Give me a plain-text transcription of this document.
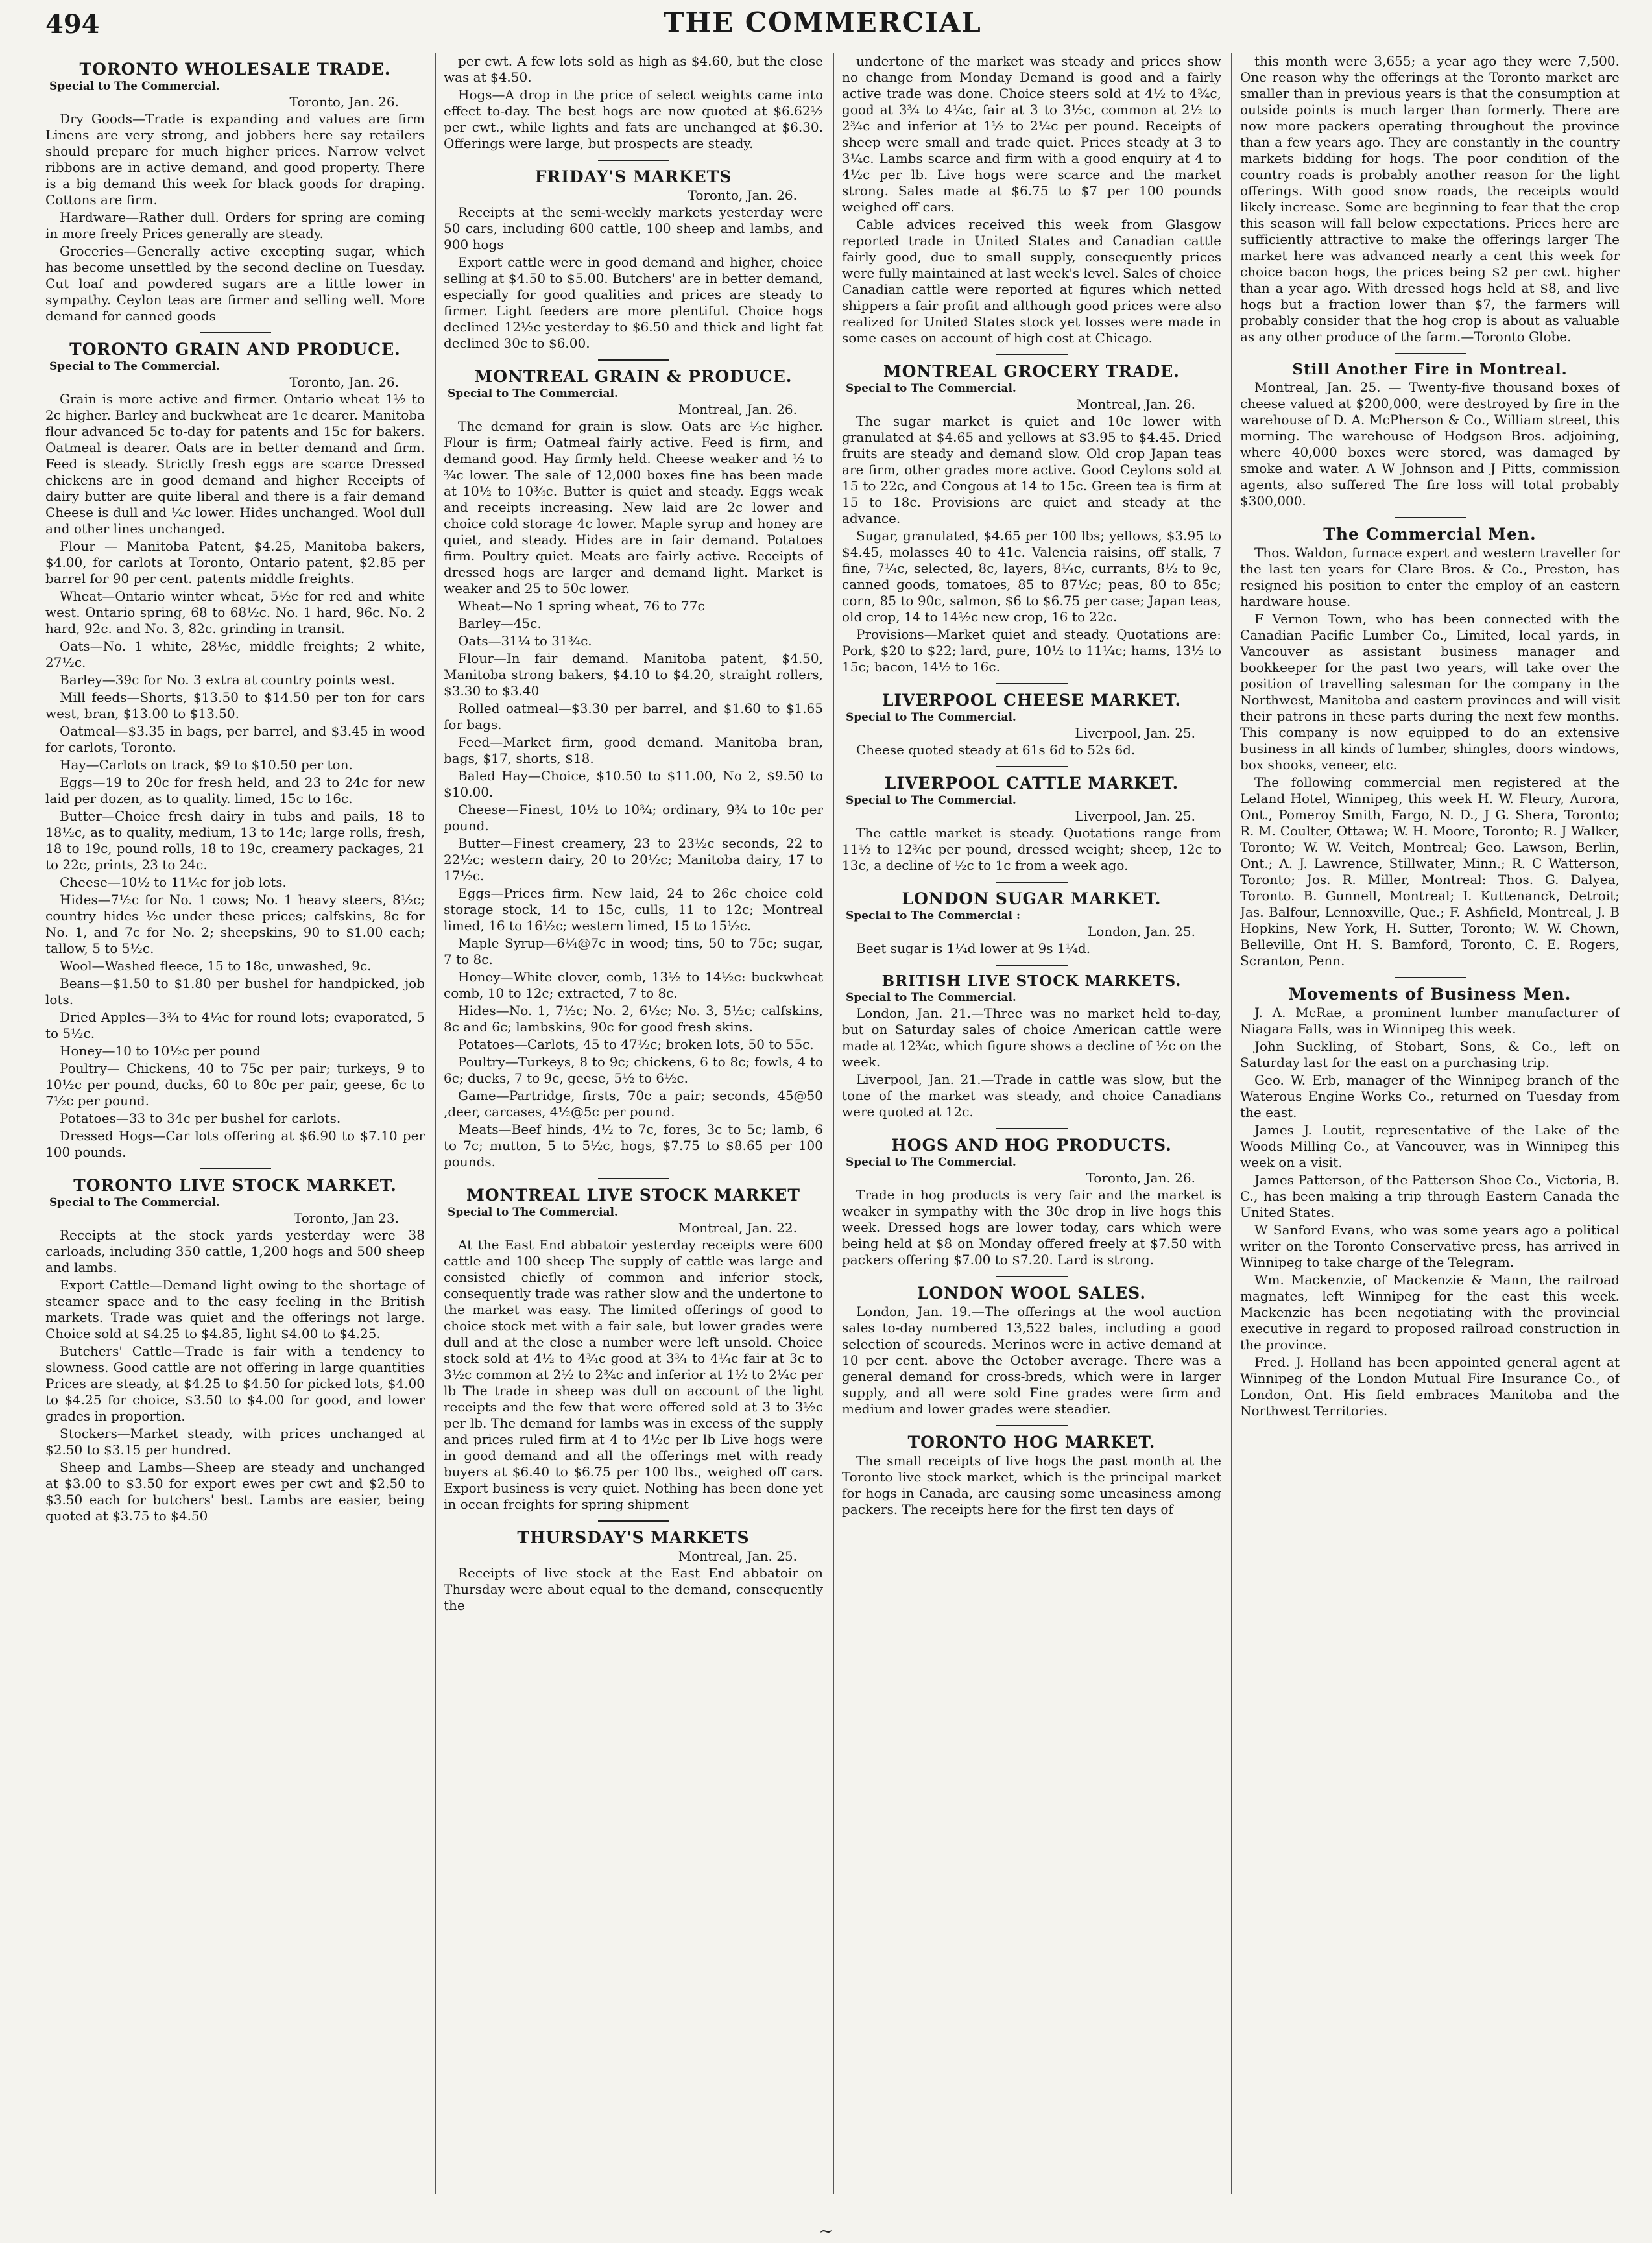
494	THE COMMERCIAL
TORONTO WHOLESALE TRADE.
Special to The Commercial.
Toronto, Jan. 26.

Dry Goods—Trade is expanding and values are firm Linens are very strong, and jobbers here say retailers should prepare for much higher prices. Narrow velvet ribbons are in active demand, and good property. There is a big demand this week for black goods for draping. Cottons are firm.

Hardware—Rather dull. Orders for spring are coming in more freely Prices generally are steady.

Groceries—Generally active excepting sugar, which has become unsettled by the second decline on Tuesday. Cut loaf and powdered sugars are a little lower in sympathy. Ceylon teas are firmer and selling well. More demand for canned goods

TORONTO GRAIN AND PRODUCE.
Special to The Commercial.
Toronto, Jan. 26.

Grain is more active and firmer. Ontario wheat 1½ to 2c higher. Barley and buckwheat are 1c dearer. Manitoba flour advanced 5c to-day for patents and 15c for bakers. Oatmeal is dearer. Oats are in better demand and firm. Feed is steady. Strictly fresh eggs are scarce Dressed chickens are in good demand and higher Receipts of dairy butter are quite liberal and there is a fair demand Cheese is dull and ¼c lower. Hides unchanged. Wool dull and other lines unchanged.

Flour — Manitoba Patent, $4.25, Manitoba bakers, $4.00, for carlots at Toronto, Ontario patent, $2.85 per barrel for 90 per cent. patents middle freights.

Wheat—Ontario winter wheat, 5½c for red and white west. Ontario spring, 68 to 68½c. No. 1 hard, 96c. No. 2 hard, 92c. and No. 3, 82c. grinding in transit.

Oats—No. 1 white, 28½c, middle freights; 2 white, 27½c.

Barley—39c for No. 3 extra at country points west.

Mill feeds—Shorts, $13.50 to $14.50 per ton for cars west, bran, $13.00 to $13.50.

Oatmeal—$3.35 in bags, per barrel, and $3.45 in wood for carlots, Toronto.

Hay—Carlots on track, $9 to $10.50 per ton.

Eggs—19 to 20c for fresh held, and 23 to 24c for new laid per dozen, as to quality. limed, 15c to 16c.

Butter—Choice fresh dairy in tubs and pails, 18 to 18½c, as to quality, medium, 13 to 14c; large rolls, fresh, 18 to 19c, pound rolls, 18 to 19c, creamery packages, 21 to 22c, prints, 23 to 24c.

Cheese—10½ to 11¼c for job lots.

Hides—7½c for No. 1 cows; No. 1 heavy steers, 8½c; country hides ½c under these prices; calfskins, 8c for No. 1, and 7c for No. 2; sheepskins, 90 to $1.00 each; tallow, 5 to 5½c.

Wool—Washed fleece, 15 to 18c, unwashed, 9c.

Beans—$1.50 to $1.80 per bushel for handpicked, job lots.

Dried Apples—3¾ to 4¼c for round lots; evaporated, 5 to 5½c.

Honey—10 to 10½c per pound

Poultry— Chickens, 40 to 75c per pair; turkeys, 9 to 10½c per pound, ducks, 60 to 80c per pair, geese, 6c to 7½c per pound.

Potatoes—33 to 34c per bushel for carlots.

Dressed Hogs—Car lots offering at $6.90 to $7.10 per 100 pounds.

TORONTO LIVE STOCK MARKET.
Special to The Commercial.
Toronto, Jan 23.

Receipts at the stock yards yesterday were 38 carloads, including 350 cattle, 1,200 hogs and 500 sheep and lambs.

Export Cattle—Demand light owing to the shortage of steamer space and to the easy feeling in the British markets. Trade was quiet and the offerings not large. Choice sold at $4.25 to $4.85, light $4.00 to $4.25.

Butchers' Cattle—Trade is fair with a tendency to slowness. Good cattle are not offering in large quantities Prices are steady, at $4.25 to $4.50 for picked lots, $4.00 to $4.25 for choice, $3.50 to $4.00 for good, and lower grades in proportion.

Stockers—Market steady, with prices unchanged at $2.50 to $3.15 per hundred.

Sheep and Lambs—Sheep are steady and unchanged at $3.00 to $3.50 for export ewes per cwt and $2.50 to $3.50 each for butchers' best. Lambs are easier, being quoted at $3.75 to $4.50

per cwt. A few lots sold as high as $4.60, but the close was at $4.50.

Hogs—A drop in the price of select weights came into effect to-day. The best hogs are now quoted at $6.62½ per cwt., while lights and fats are unchanged at $6.30. Offerings were large, but prospects are steady.

FRIDAY'S MARKETS
Toronto, Jan. 26.

Receipts at the semi-weekly markets yesterday were 50 cars, including 600 cattle, 100 sheep and lambs, and 900 hogs

Export cattle were in good demand and higher, choice selling at $4.50 to $5.00. Butchers' are in better demand, especially for good qualities and prices are steady to firmer. Light feeders are more plentiful. Choice hogs declined 12½c yesterday to $6.50 and thick and light fat declined 30c to $6.00.

MONTREAL GRAIN & PRODUCE.
Special to The Commercial.
Montreal, Jan. 26.

The demand for grain is slow. Oats are ¼c higher. Flour is firm; Oatmeal fairly active. Feed is firm, and demand good. Hay firmly held. Cheese weaker and ½ to ¾c lower. The sale of 12,000 boxes fine has been made at 10½ to 10¾c. Butter is quiet and steady. Eggs weak and receipts increasing. New laid are 2c lower and choice cold storage 4c lower. Maple syrup and honey are quiet, and steady. Hides are in fair demand. Potatoes firm. Poultry quiet. Meats are fairly active. Receipts of dressed hogs are larger and demand light. Market is weaker and 25 to 50c lower.

Wheat—No 1 spring wheat, 76 to 77c

Barley—45c.

Oats—31¼ to 31¾c.

Flour—In fair demand. Manitoba patent, $4.50, Manitoba strong bakers, $4.10 to $4.20, straight rollers, $3.30 to $3.40

Rolled oatmeal—$3.30 per barrel, and $1.60 to $1.65 for bags.

Feed—Market firm, good demand. Manitoba bran, bags, $17, shorts, $18.

Baled Hay—Choice, $10.50 to $11.00, No 2, $9.50 to $10.00.

Cheese—Finest, 10½ to 10¾; ordinary, 9¾ to 10c per pound.

Butter—Finest creamery, 23 to 23½c seconds, 22 to 22½c; western dairy, 20 to 20½c; Manitoba dairy, 17 to 17½c.

Eggs—Prices firm. New laid, 24 to 26c choice cold storage stock, 14 to 15c, culls, 11 to 12c; Montreal limed, 16 to 16½c; western limed, 15 to 15½c.

Maple Syrup—6¼@7c in wood; tins, 50 to 75c; sugar, 7 to 8c.

Honey—White clover, comb, 13½ to 14½c: buckwheat comb, 10 to 12c; extracted, 7 to 8c.

Hides—No. 1, 7½c; No. 2, 6½c; No. 3, 5½c; calfskins, 8c and 6c; lambskins, 90c for good fresh skins.

Potatoes—Carlots, 45 to 47½c; broken lots, 50 to 55c.

Poultry—Turkeys, 8 to 9c; chickens, 6 to 8c; fowls, 4 to 6c; ducks, 7 to 9c, geese, 5½ to 6½c.

Game—Partridge, firsts, 70c a pair; seconds, 45@50 ,deer, carcases, 4½@5c per pound.

Meats—Beef hinds, 4½ to 7c, fores, 3c to 5c; lamb, 6 to 7c; mutton, 5 to 5½c, hogs, $7.75 to $8.65 per 100 pounds.

MONTREAL LIVE STOCK MARKET
Special to The Commercial.
Montreal, Jan. 22.

At the East End abbatoir yesterday receipts were 600 cattle and 100 sheep The supply of cattle was large and consisted chiefly of common and inferior stock, consequently trade was rather slow and the undertone to the market was easy. The limited offerings of good to choice stock met with a fair sale, but lower grades were dull and at the close a number were left unsold. Choice stock sold at 4½ to 4¾c good at 3¾ to 4¼c fair at 3c to 3½c common at 2½ to 2¾c and inferior at 1½ to 2¼c per lb The trade in sheep was dull on account of the light receipts and the few that were offered sold at 3 to 3½c per lb. The demand for lambs was in excess of the supply and prices ruled firm at 4 to 4½c per lb Live hogs were in good demand and all the offerings met with ready buyers at $6.40 to $6.75 per 100 lbs., weighed off cars. Export business is very quiet. Nothing has been done yet in ocean freights for spring shipment

THURSDAY'S MARKETS
Montreal, Jan. 25.

Receipts of live stock at the East End abbatoir on Thursday were about equal to the demand, consequently the

undertone of the market was steady and prices show no change from Monday Demand is good and a fairly active trade was done. Choice steers sold at 4½ to 4¾c, good at 3¾ to 4¼c, fair at 3 to 3½c, common at 2½ to 2¾c and inferior at 1½ to 2¼c per pound. Receipts of sheep were small and trade quiet. Prices steady at 3 to 3¼c. Lambs scarce and firm with a good enquiry at 4 to 4½c per lb. Live hogs were scarce and the market strong. Sales made at $6.75 to $7 per 100 pounds weighed off cars.

Cable advices received this week from Glasgow reported trade in United States and Canadian cattle fairly good, due to small supply, consequently prices were fully maintained at last week's level. Sales of choice Canadian cattle were reported at figures which netted shippers a fair profit and although good prices were also realized for United States stock yet losses were made in some cases on account of high cost at Chicago.

MONTREAL GROCERY TRADE.
Special to The Commercial.
Montreal, Jan. 26.

The sugar market is quiet and 10c lower with granulated at $4.65 and yellows at $3.95 to $4.45. Dried fruits are steady and demand slow. Old crop Japan teas are firm, other grades more active. Good Ceylons sold at 15 to 22c, and Congous at 14 to 15c. Green tea is firm at 15 to 18c. Provisions are quiet and steady at the advance.

Sugar, granulated, $4.65 per 100 lbs; yellows, $3.95 to $4.45, molasses 40 to 41c. Valencia raisins, off stalk, 7 fine, 7¼c, selected, 8c, layers, 8¼c, currants, 8½ to 9c, canned goods, tomatoes, 85 to 87½c; peas, 80 to 85c; corn, 85 to 90c, salmon, $6 to $6.75 per case; Japan teas, old crop, 14 to 14½c new crop, 16 to 22c.

Provisions—Market quiet and steady. Quotations are: Pork, $20 to $22; lard, pure, 10½ to 11¼c; hams, 13½ to 15c; bacon, 14½ to 16c.

LIVERPOOL CHEESE MARKET.
Special to The Commercial.
Liverpool, Jan. 25.

Cheese quoted steady at 61s 6d to 52s 6d.

LIVERPOOL CATTLE MARKET.
Special to The Commercial.
Liverpool, Jan. 25.

The cattle market is steady. Quotations range from 11½ to 12¾c per pound, dressed weight; sheep, 12c to 13c, a decline of ½c to 1c from a week ago.

LONDON SUGAR MARKET.
Special to The Commercial :
London, Jan. 25.

Beet sugar is 1¼d lower at 9s 1¼d.

BRITISH LIVE STOCK MARKETS.
Special to The Commercial.

London, Jan. 21.—Three was no market held to-day, but on Saturday sales of choice American cattle were made at 12¾c, which figure shows a decline of ½c on the week.

Liverpool, Jan. 21.—Trade in cattle was slow, but the tone of the market was steady, and choice Canadians were quoted at 12c.

HOGS AND HOG PRODUCTS.
Special to The Commercial.
Toronto, Jan. 26.

Trade in hog products is very fair and the market is weaker in sympathy with the 30c drop in live hogs this week. Dressed hogs are lower today, cars which were being held at $8 on Monday offered freely at $7.50 with packers offering $7.00 to $7.20. Lard is strong.

LONDON WOOL SALES.

London, Jan. 19.—The offerings at the wool auction sales to-day numbered 13,522 bales, including a good selection of scoureds. Merinos were in active demand at 10 per cent. above the October average. There was a general demand for cross-breds, which were in larger supply, and all were sold Fine grades were firm and medium and lower grades were steadier.

TORONTO HOG MARKET.

The small receipts of live hogs the past month at the Toronto live stock market, which is the principal market for hogs in Canada, are causing some uneasiness among packers. The receipts here for the first ten days of

this month were 3,655; a year ago they were 7,500. One reason why the offerings at the Toronto market are smaller than in previous years is that the consumption at outside points is much larger than formerly. There are now more packers operating throughout the province than a few years ago. They are constantly in the country markets bidding for hogs. The poor condition of the country roads is probably another reason for the light offerings. With good snow roads, the receipts would likely increase. Some are beginning to fear that the crop this season will fall below expectations. Prices here are sufficiently attractive to make the offerings larger The market here was advanced nearly a cent this week for choice bacon hogs, the prices being $2 per cwt. higher than a year ago. With dressed hogs held at $8, and live hogs but a fraction lower than $7, the farmers will probably consider that the hog crop is about as valuable as any other produce of the farm.—Toronto Globe.

Still Another Fire in Montreal.

Montreal, Jan. 25. — Twenty-five thousand boxes of cheese valued at $200,000, were destroyed by fire in the warehouse of D. A. McPherson & Co., William street, this morning. The warehouse of Hodgson Bros. adjoining, where 40,000 boxes were stored, was damaged by smoke and water. A W Johnson and J Pitts, commission agents, also suffered The fire loss will total probably $300,000.

The Commercial Men.

Thos. Waldon, furnace expert and western traveller for the last ten years for Clare Bros. & Co., Preston, has resigned his position to enter the employ of an eastern hardware house.

F Vernon Town, who has been connected with the Canadian Pacific Lumber Co., Limited, local yards, in Vancouver as assistant business manager and bookkeeper for the past two years, will take over the position of travelling salesman for the company in the Northwest, Manitoba and eastern provinces and will visit their patrons in these parts during the next few months. This company is now equipped to do an extensive business in all kinds of lumber, shingles, doors windows, box shooks, veneer, etc.

The following commercial men registered at the Leland Hotel, Winnipeg, this week H. W. Fleury, Aurora, Ont., Pomeroy Smith, Fargo, N. D., J G. Shera, Toronto; R. M. Coulter, Ottawa; W. H. Moore, Toronto; R. J Walker, Toronto; W. W. Veitch, Montreal; Geo. Lawson, Berlin, Ont.; A. J. Lawrence, Stillwater, Minn.; R. C Watterson, Toronto; Jos. R. Miller, Montreal: Thos. G. Dalyea, Toronto. B. Gunnell, Montreal; I. Kuttenanck, Detroit; Jas. Balfour, Lennoxville, Que.; F. Ashfield, Montreal, J. B Hopkins, New York, H. Sutter, Toronto; W. W. Chown, Belleville, Ont H. S. Bamford, Toronto, C. E. Rogers, Scranton, Penn.

Movements of Business Men.

J. A. McRae, a prominent lumber manufacturer of Niagara Falls, was in Winnipeg this week.

John Suckling, of Stobart, Sons, & Co., left on Saturday last for the east on a purchasing trip.

Geo. W. Erb, manager of the Winnipeg branch of the Waterous Engine Works Co., returned on Tuesday from the east.

James J. Loutit, representative of the Lake of the Woods Milling Co., at Vancouver, was in Winnipeg this week on a visit.

James Patterson, of the Patterson Shoe Co., Victoria, B. C., has been making a trip through Eastern Canada the United States.

W Sanford Evans, who was some years ago a political writer on the Toronto Conservative press, has arrived in Winnipeg to take charge of the Telegram.

Wm. Mackenzie, of Mackenzie & Mann, the railroad magnates, left Winnipeg for the east this week. Mackenzie has been negotiating with the provincial executive in regard to proposed railroad construction in the province.

Fred. J. Holland has been appointed general agent at Winnipeg of the London Mutual Fire Insurance Co., of London, Ont. His field embraces Manitoba and the Northwest Territories.

~
